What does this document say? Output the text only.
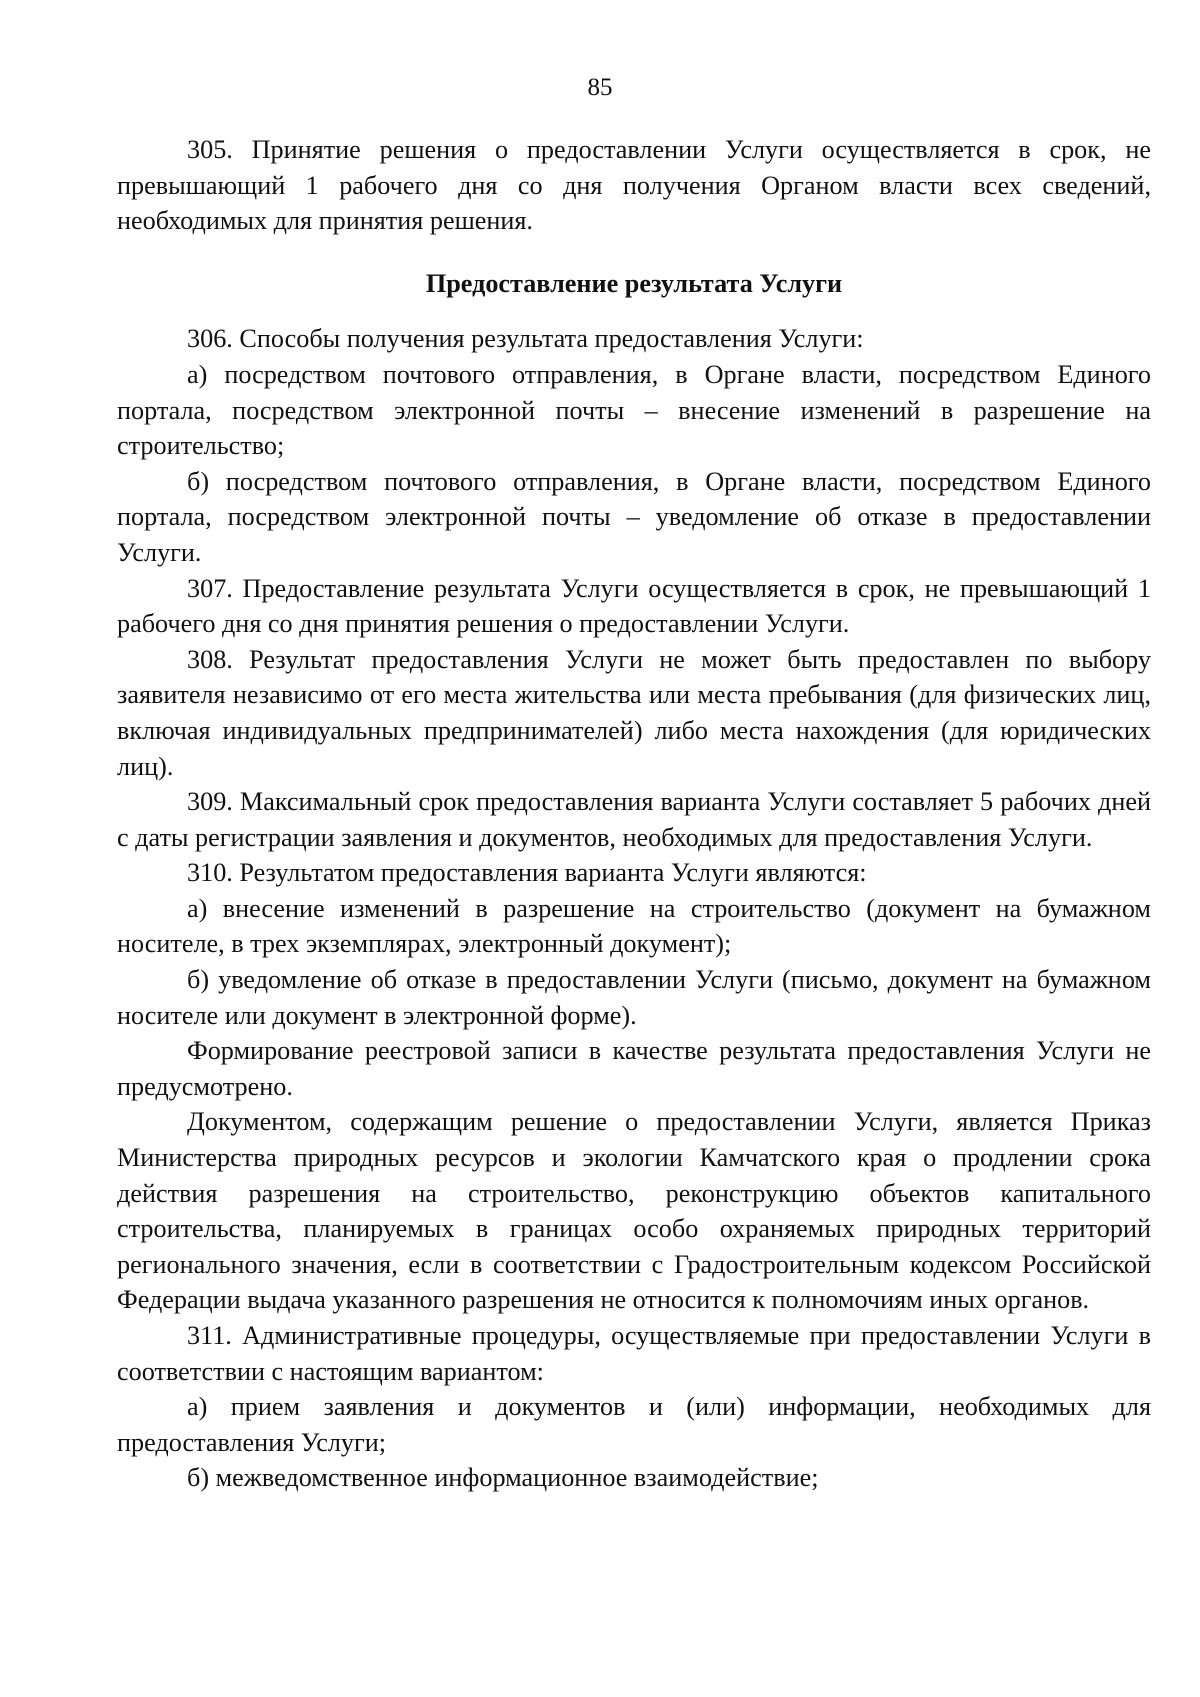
85

305. Принятие решения о предоставлении Услуги осуществляется в срок, не превышающий 1 рабочего дня со дня получения Органом власти всех сведений, необходимых для принятия решения.

Предоставление результата Услуги

306. Способы получения результата предоставления Услуги:

а) посредством почтового отправления, в Органе власти, посредством Единого портала, посредством электронной почты – внесение изменений в разрешение на строительство;

б) посредством почтового отправления, в Органе власти, посредством Единого портала, посредством электронной почты – уведомление об отказе в предоставлении Услуги.

307. Предоставление результата Услуги осуществляется в срок, не превышающий 1 рабочего дня со дня принятия решения о предоставлении Услуги.

308. Результат предоставления Услуги не может быть предоставлен по выбору заявителя независимо от его места жительства или места пребывания (для физических лиц, включая индивидуальных предпринимателей) либо места нахождения (для юридических лиц).

309. Максимальный срок предоставления варианта Услуги составляет 5 рабочих дней с даты регистрации заявления и документов, необходимых для предоставления Услуги.

310. Результатом предоставления варианта Услуги являются:

а) внесение изменений в разрешение на строительство (документ на бумажном носителе, в трех экземплярах, электронный документ);

б) уведомление об отказе в предоставлении Услуги (письмо, документ на бумажном носителе или документ в электронной форме).

Формирование реестровой записи в качестве результата предоставления Услуги не предусмотрено.

Документом, содержащим решение о предоставлении Услуги, является Приказ Министерства природных ресурсов и экологии Камчатского края о продлении срока действия разрешения на строительство, реконструкцию объектов капитального строительства, планируемых в границах особо охраняемых природных территорий регионального значения, если в соответствии с Градостроительным кодексом Российской Федерации выдача указанного разрешения не относится к полномочиям иных органов.

311. Административные процедуры, осуществляемые при предоставлении Услуги в соответствии с настоящим вариантом:

а) прием заявления и документов и (или) информации, необходимых для предоставления Услуги;

б) межведомственное информационное взаимодействие;
